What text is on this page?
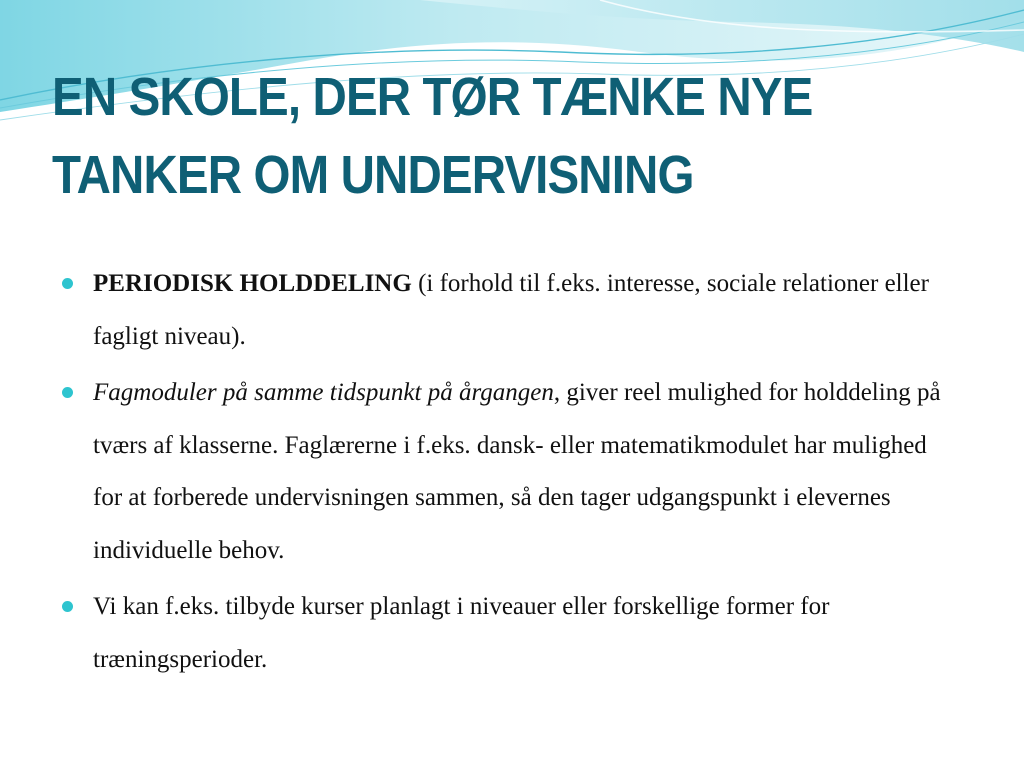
EN SKOLE, DER TØR TÆNKE NYE
TANKER OM UNDERVISNING
PERIODISK HOLDDELING (i forhold til f.eks. interesse, sociale relationer eller fagligt niveau).
Fagmoduler på samme tidspunkt på årgangen, giver reel mulighed for holddeling på tværs af klasserne. Faglærerne i f.eks. dansk- eller matematikmodulet har mulighed for at forberede undervisningen sammen, så den tager udgangspunkt i elevernes individuelle behov.
Vi kan f.eks. tilbyde kurser planlagt i niveauer eller forskellige former for træningsperioder.
